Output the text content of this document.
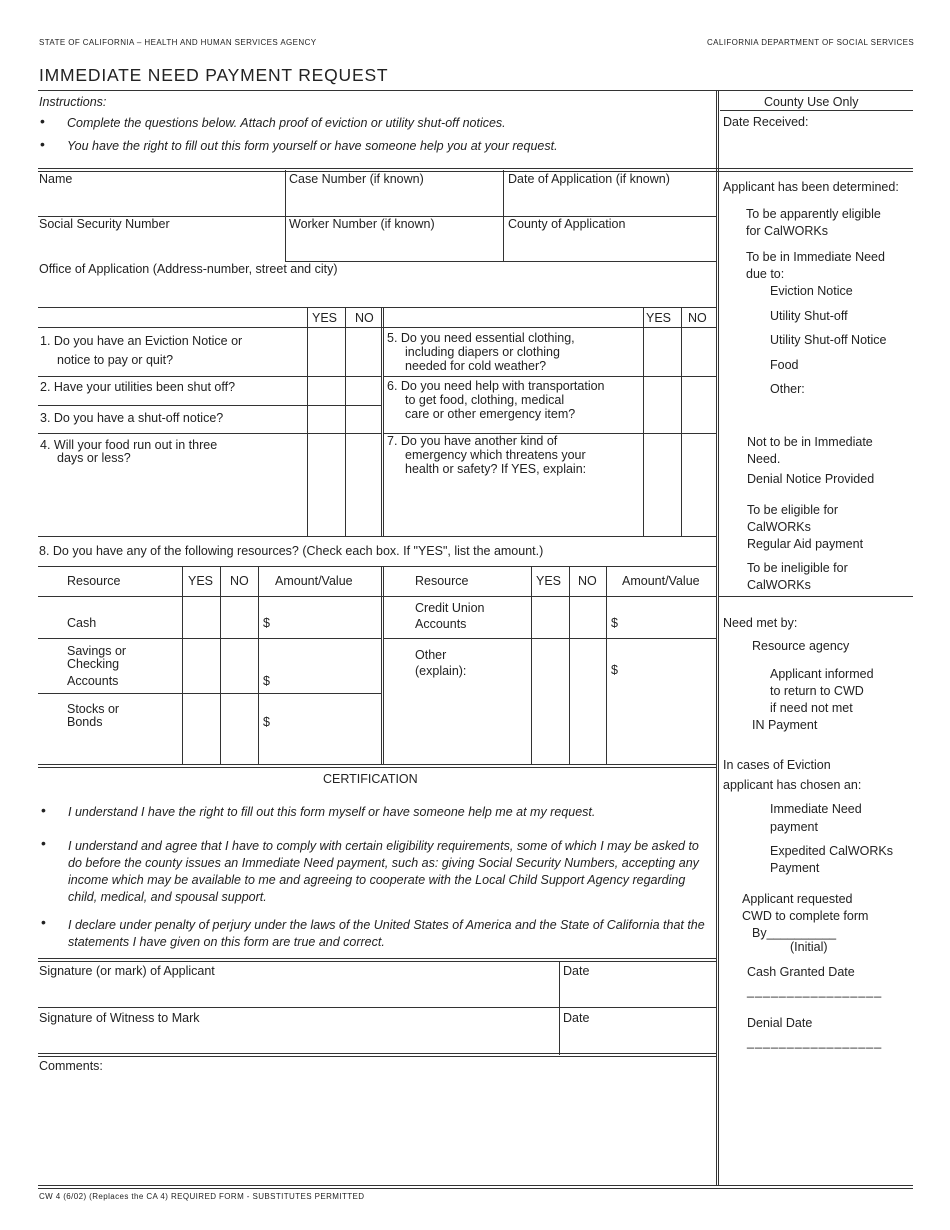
STATE OF CALIFORNIA – HEALTH AND HUMAN SERVICES AGENCY	CALIFORNIA DEPARTMENT OF SOCIAL SERVICES
IMMEDIATE NEED PAYMENT REQUEST
Instructions:
• Complete the questions below. Attach proof of eviction or utility shut-off notices.
• You have the right to fill out this form yourself or have someone help you at your request.
Name	Case Number (if known)	Date of Application (if known)
Social Security Number	Worker Number (if known)	County of Application
Office of Application (Address-number, street and city)
YES NO	YES NO
1. Do you have an Eviction Notice or
notice to pay or quit?
2. Have your utilities been shut off?
3. Do you have a shut-off notice?
4. Will your food run out in three
days or less?
5. Do you need essential clothing,
including diapers or clothing
needed for cold weather?
6. Do you need help with transportation
to get food, clothing, medical
care or other emergency item?
7. Do you have another kind of
emergency which threatens your
health or safety? If YES, explain:
8. Do you have any of the following resources? (Check each box. If "YES", list the amount.)
Resource	YES NO Amount/Value	Resource	YES NO Amount/Value
Cash	$
Savings or
Checking
Accounts	$
Stocks or
Bonds	$
Credit Union
Accounts	$
Other
(explain):	$
CERTIFICATION
• I understand I have the right to fill out this form myself or have someone help me at my request.
• I understand and agree that I have to comply with certain eligibility requirements, some of which I may be asked to do before the county issues an Immediate Need payment, such as: giving Social Security Numbers, accepting any income which may be available to me and agreeing to cooperate with the Local Child Support Agency regarding child, medical, and spousal support.
• I declare under penalty of perjury under the laws of the United States of America and the State of California that the statements I have given on this form are true and correct.
Signature (or mark) of Applicant	Date
Signature of Witness to Mark	Date
Comments:
CW 4 (6/02) (Replaces the CA 4) REQUIRED FORM - SUBSTITUTES PERMITTED
County Use Only
Date Received:
Applicant has been determined:
To be apparently eligible
for CalWORKs
To be in Immediate Need
due to:
Eviction Notice
Utility Shut-off
Utility Shut-off Notice
Food
Other:
Not to be in Immediate
Need.
Denial Notice Provided
To be eligible for
CalWORKs
Regular Aid payment
To be ineligible for
CalWORKs
Need met by:
Resource agency
Applicant informed
to return to CWD
if need not met
IN Payment
In cases of Eviction
applicant has chosen an:
Immediate Need
payment
Expedited CalWORKs
Payment
Applicant requested
CWD to complete form
By__________
(Initial)
Cash Granted Date
_________________
Denial Date
_________________
